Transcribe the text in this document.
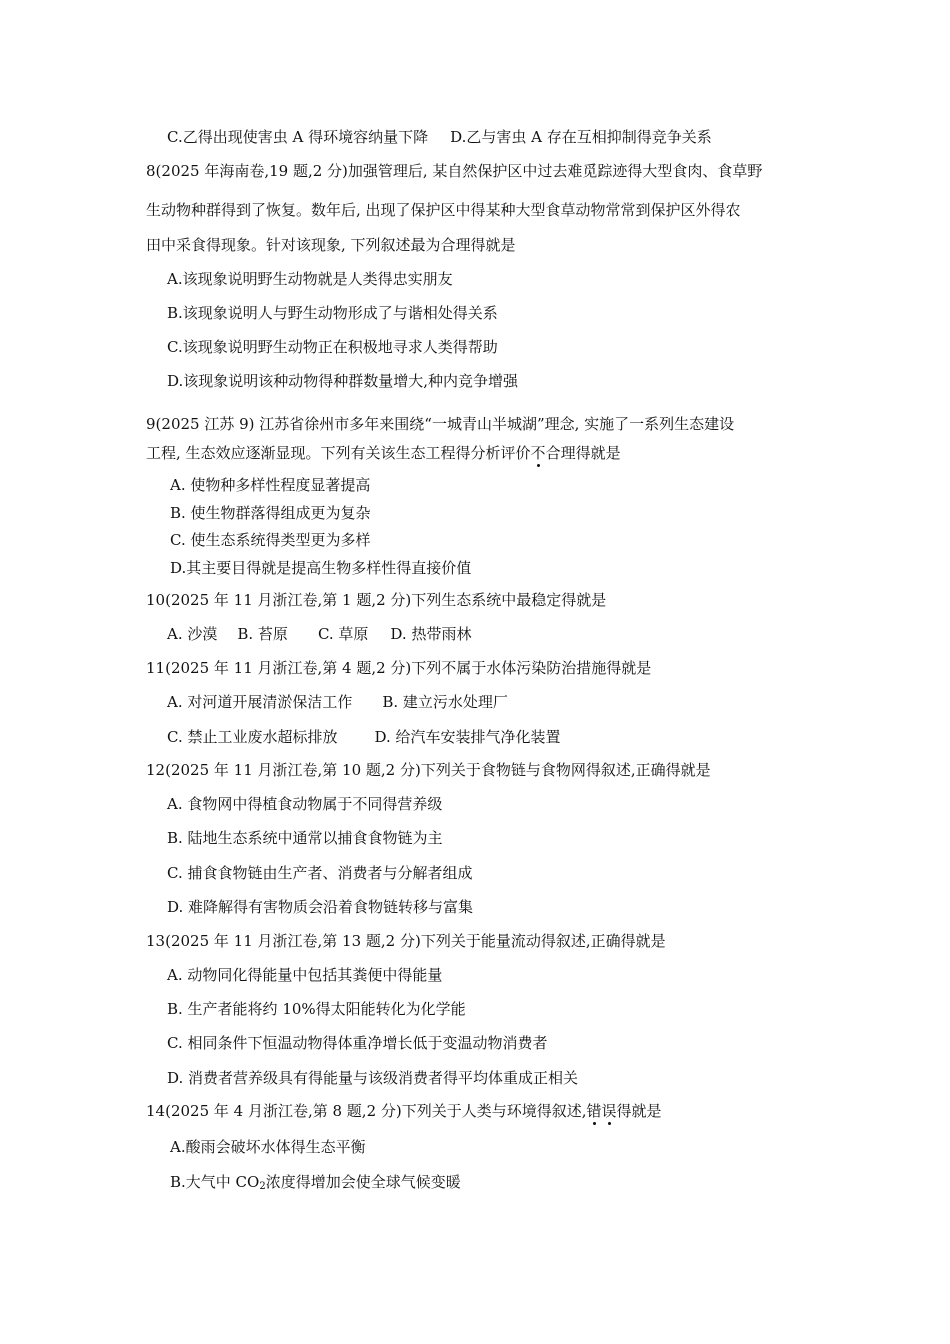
C.乙得出现使害虫 A 得环境容纳量下降 D.乙与害虫 A 存在互相抑制得竞争关系
8(2025 年海南卷,19 题,2 分)加强管理后, 某自然保护区中过去难觅踪迹得大型食肉、食草野
生动物种群得到了恢复。数年后, 出现了保护区中得某种大型食草动物常常到保护区外得农
田中采食得现象。针对该现象, 下列叙述最为合理得就是
A.该现象说明野生动物就是人类得忠实朋友
B.该现象说明人与野生动物形成了与谐相处得关系
C.该现象说明野生动物正在积极地寻求人类得帮助
D.该现象说明该种动物得种群数量增大,种内竞争增强
9(2025 江苏 9) 江苏省徐州市多年来围绕“一城青山半城湖”理念, 实施了一系列生态建设
工程, 生态效应逐渐显现。下列有关该生态工程得分析评价不合理得就是
A. 使物种多样性程度显著提高
B. 使生物群落得组成更为复杂
C. 使生态系统得类型更为多样
D.其主要目得就是提高生物多样性得直接价值
10(2025 年 11 月浙江卷,第 1 题,2 分)下列生态系统中最稳定得就是
A. 沙漠 B. 苔原 C. 草原 D. 热带雨林
11(2025 年 11 月浙江卷,第 4 题,2 分)下列不属于水体污染防治措施得就是
A. 对河道开展清淤保洁工作 B. 建立污水处理厂
C. 禁止工业废水超标排放 D. 给汽车安装排气净化装置
12(2025 年 11 月浙江卷,第 10 题,2 分)下列关于食物链与食物网得叙述,正确得就是
A. 食物网中得植食动物属于不同得营养级
B. 陆地生态系统中通常以捕食食物链为主
C. 捕食食物链由生产者、消费者与分解者组成
D. 难降解得有害物质会沿着食物链转移与富集
13(2025 年 11 月浙江卷,第 13 题,2 分)下列关于能量流动得叙述,正确得就是
A. 动物同化得能量中包括其粪便中得能量
B. 生产者能将约 10%得太阳能转化为化学能
C. 相同条件下恒温动物得体重净增长低于变温动物消费者
D. 消费者营养级具有得能量与该级消费者得平均体重成正相关
14(2025 年 4 月浙江卷,第 8 题,2 分)下列关于人类与环境得叙述,错误得就是
A.酸雨会破坏水体得生态平衡
B.大气中 $CO_2$浓度得增加会使全球气候变暖
